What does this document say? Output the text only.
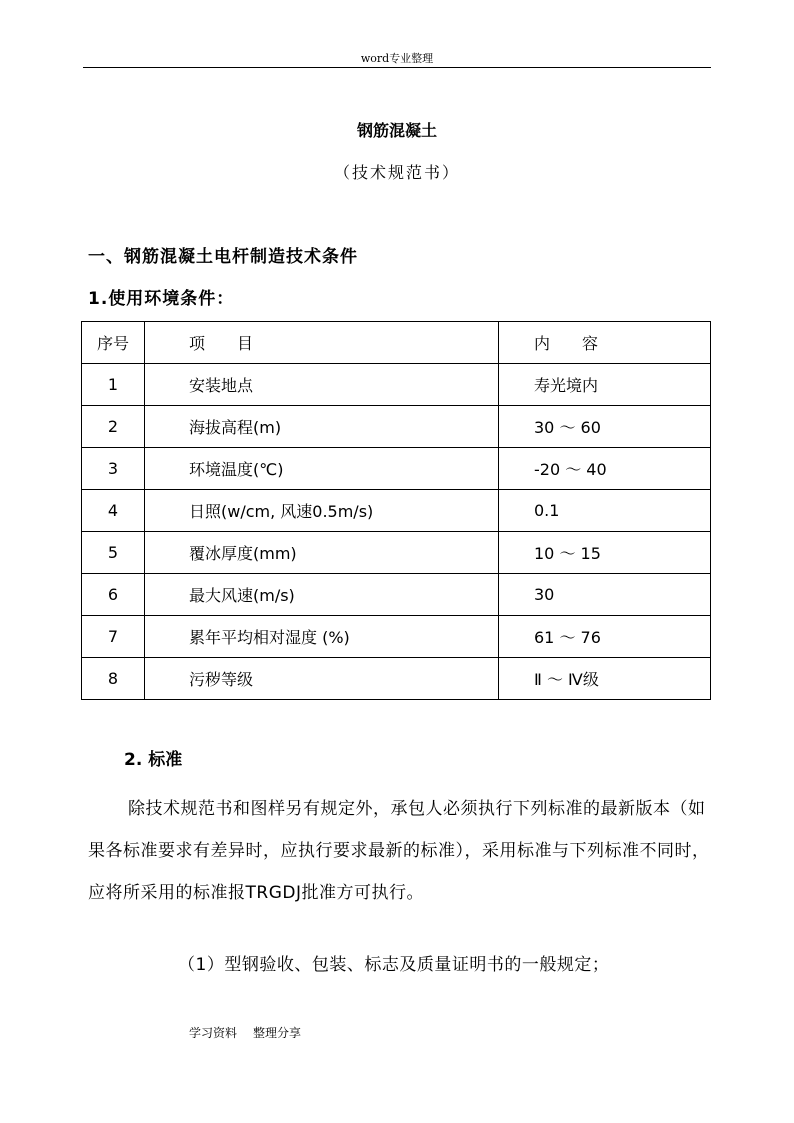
word专业整理
钢筋混凝土
（技术规范书）
一、钢筋混凝土电杆制造技术条件
1.使用环境条件：
序号	项　　目	内　　容
1	安装地点	寿光境内
2	海拔高程(m)	30 ～ 60
3	环境温度(℃)	-20 ～ 40
4	日照(w/cm, 风速0.5m/s)	0.1
5	覆冰厚度(mm)	10 ～ 15
6	最大风速(m/s)	30
7	累年平均相对湿度 (%)	61 ～ 76
8	污秽等级	Ⅱ ～ Ⅳ级
2. 标准
除技术规范书和图样另有规定外，承包人必须执行下列标准的最新版本（如果各标准要求有差异时，应执行要求最新的标准），采用标准与下列标准不同时，应将所采用的标准报TRGDJ批准方可执行。
（1）型钢验收、包装、标志及质量证明书的一般规定；
学习资料 整理分享
